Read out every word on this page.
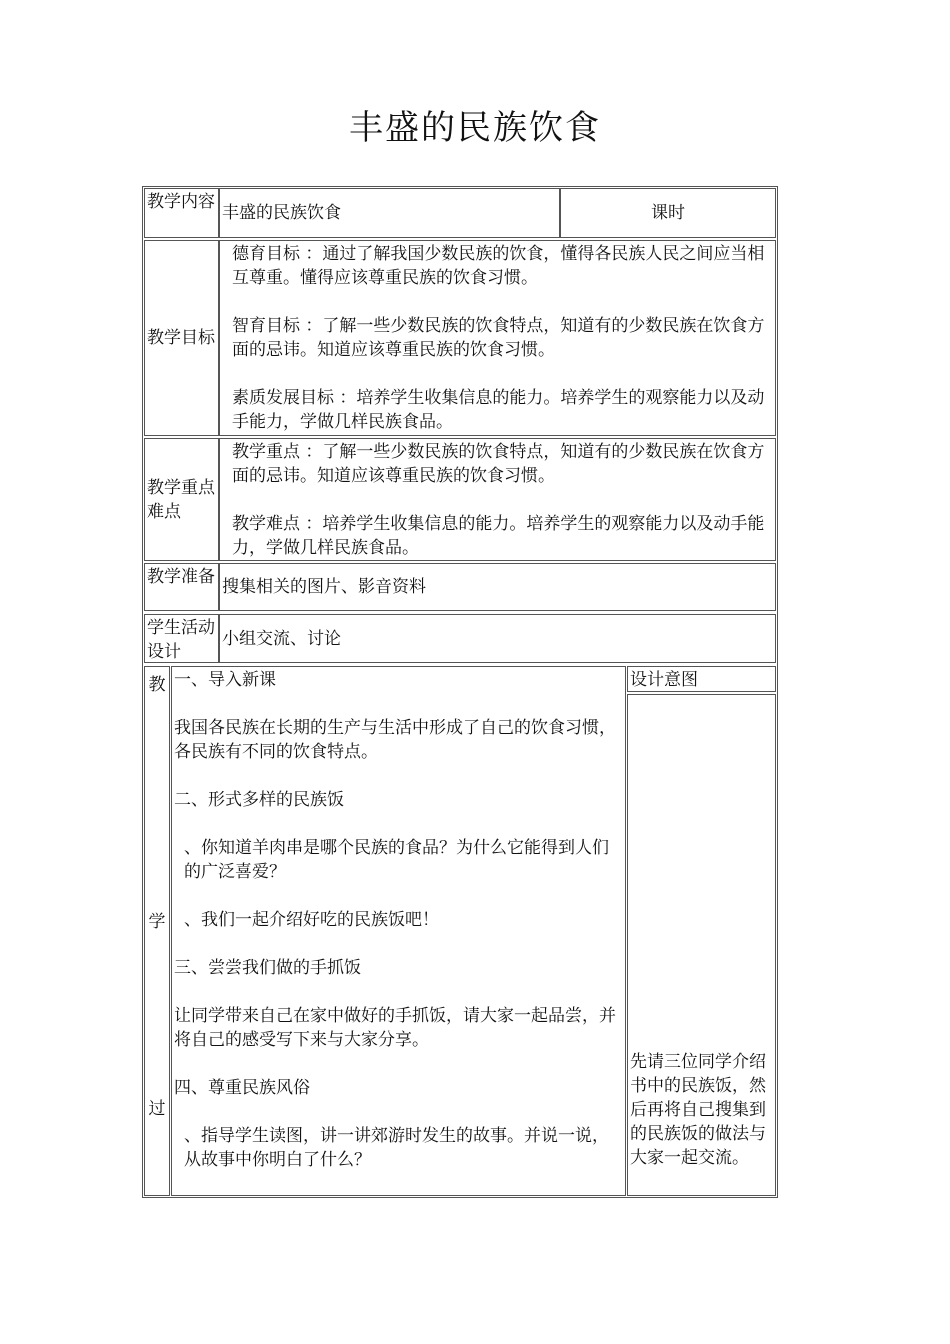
丰盛的民族饮食
教学内容
丰盛的民族饮食	课时
教学目标

德育目标 ：通过了解我国少数民族的饮食，懂得各民族人民之间应当相互尊重。懂得应该尊重民族的饮食习惯。

智育目标 ：了解一些少数民族的饮食特点，知道有的少数民族在饮食方面的忌讳。知道应该尊重民族的饮食习惯。

素质发展目标 ：培养学生收集信息的能力。培养学生的观察能力以及动手能力，学做几样民族食品。

教学重点难点

教学重点 ：了解一些少数民族的饮食特点，知道有的少数民族在饮食方面的忌讳。知道应该尊重民族的饮食习惯。

教学难点 ：培养学生收集信息的能力。培养学生的观察能力以及动手能力，学做几样民族食品。

教学准备 搜集相关的图片、影音资料
学生活动设计
小组交流、讨论
教
学
过

一、导入新课

我国各民族在长期的生产与生活中形成了自己的饮食习惯，各民族有不同的饮食特点。

二、形式多样的民族饭

、你知道羊肉串是哪个民族的食品？为什么它能得到人们的广泛喜爱？

、我们一起介绍好吃的民族饭吧！

三、尝尝我们做的手抓饭

让同学带来自己在家中做好的手抓饭，请大家一起品尝，并将自己的感受写下来与大家分享。

四、尊重民族风俗

、指导学生读图，讲一讲郊游时发生的故事。并说一说，从故事中你明白了什么？

设计意图
先请三位同学介绍书中的民族饭，然后再将自己搜集到的民族饭的做法与大家一起交流。
